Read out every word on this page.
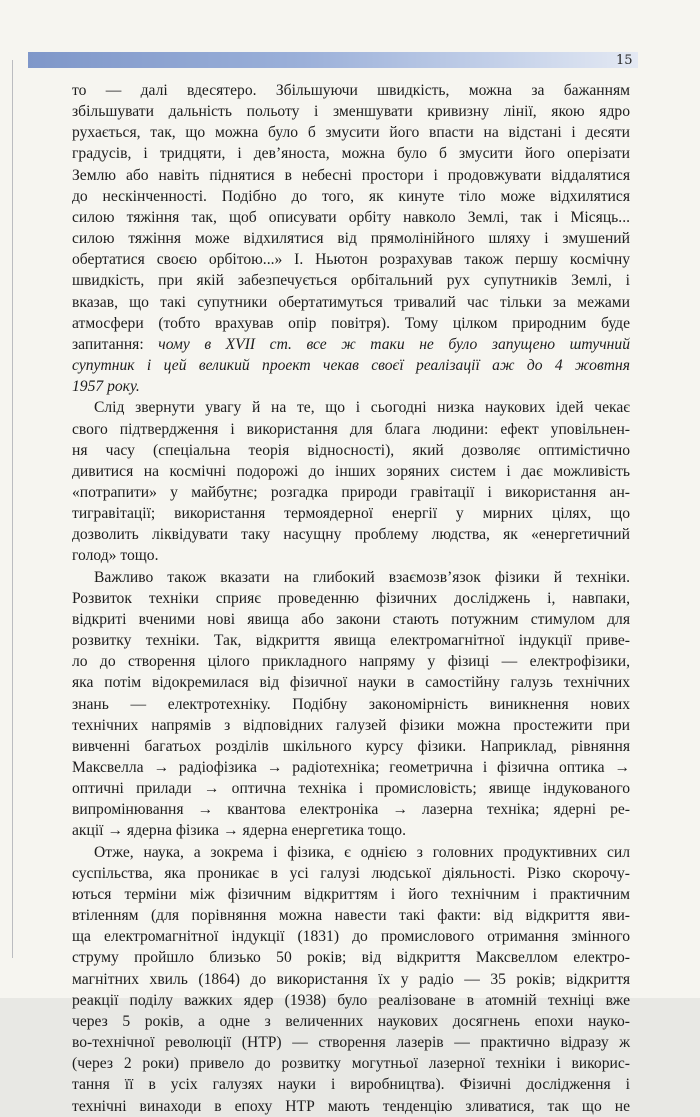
15

то — далі вдесятеро. Збільшуючи швидкість, можна за бажанням

збільшувати дальність польоту і зменшувати кривизну лінії, якою ядро

рухається, так, що можна було б змусити його впасти на відстані і десяти

градусів, і тридцяти, і дев’яноста, можна було б змусити його оперізати

Землю або навіть піднятися в небесні простори і продовжувати віддалятися

до нескінченності. Подібно до того, як кинуте тіло може відхилятися

силою тяжіння так, щоб описувати орбіту навколо Землі, так і Місяць...

силою тяжіння може відхилятися від прямолінійного шляху і змушений

обертатися своєю орбітою...» І. Ньютон розрахував також першу космічну

швидкість, при якій забезпечується орбітальний рух супутників Землі, і

вказав, що такі супутники обертатимуться тривалий час тільки за межами

атмосфери (тобто врахував опір повітря). Тому цілком природним буде

запитання: чому в XVII ст. все ж таки не було запущено штучний

супутник і цей великий проект чекав своєї реалізації аж до 4 жовтня

1957 року.

Слід звернути увагу й на те, що і сьогодні низка наукових ідей чекає

свого підтвердження і використання для блага людини: ефект уповільнен-

ня часу (спеціальна теорія відносності), який дозволяє оптимістично

дивитися на космічні подорожі до інших зоряних систем і дає можливість

«потрапити» у майбутнє; розгадка природи гравітації і використання ан-

тигравітації; використання термоядерної енергії у мирних цілях, що

дозволить ліквідувати таку насущну проблему людства, як «енергетичний

голод» тощо.

Важливо також вказати на глибокий взаємозв’язок фізики й техніки.

Розвиток техніки сприяє проведенню фізичних досліджень і, навпаки,

відкриті вченими нові явища або закони стають потужним стимулом для

розвитку техніки. Так, відкриття явища електромагнітної індукції приве-

ло до створення цілого прикладного напряму у фізиці — електрофізики,

яка потім відокремилася від фізичної науки в самостійну галузь технічних

знань — електротехніку. Подібну закономірність виникнення нових

технічних напрямів з відповідних галузей фізики можна простежити при

вивченні багатьох розділів шкільного курсу фізики. Наприклад, рівняння

Максвелла → радіофізика → радіотехніка; геометрична і фізична оптика →

оптичні прилади → оптична техніка і промисловість; явище індукованого

випромінювання → квантова електроніка → лазерна техніка; ядерні ре-

акції → ядерна фізика → ядерна енергетика тощо.

Отже, наука, а зокрема і фізика, є однією з головних продуктивних сил

суспільства, яка проникає в усі галузі людської діяльності. Різко скорочу-

ються терміни між фізичним відкриттям і його технічним і практичним

втіленням (для порівняння можна навести такі факти: від відкриття яви-

ща електромагнітної індукції (1831) до промислового отримання змінного

струму пройшло близько 50 років; від відкриття Максвеллом електро-

магнітних хвиль (1864) до використання їх у радіо — 35 років; відкриття

реакції поділу важких ядер (1938) було реалізоване в атомній техніці вже

через 5 років, а одне з величенних наукових досягнень епохи науко-

во-технічної революції (НТР) — створення лазерів — практично відразу ж

(через 2 роки) привело до розвитку могутньої лазерної техніки і викорис-

тання її в усіх галузях науки і виробництва). Фізичні дослідження і

технічні винаходи в епоху НТР мають тенденцію зливатися, так що не
